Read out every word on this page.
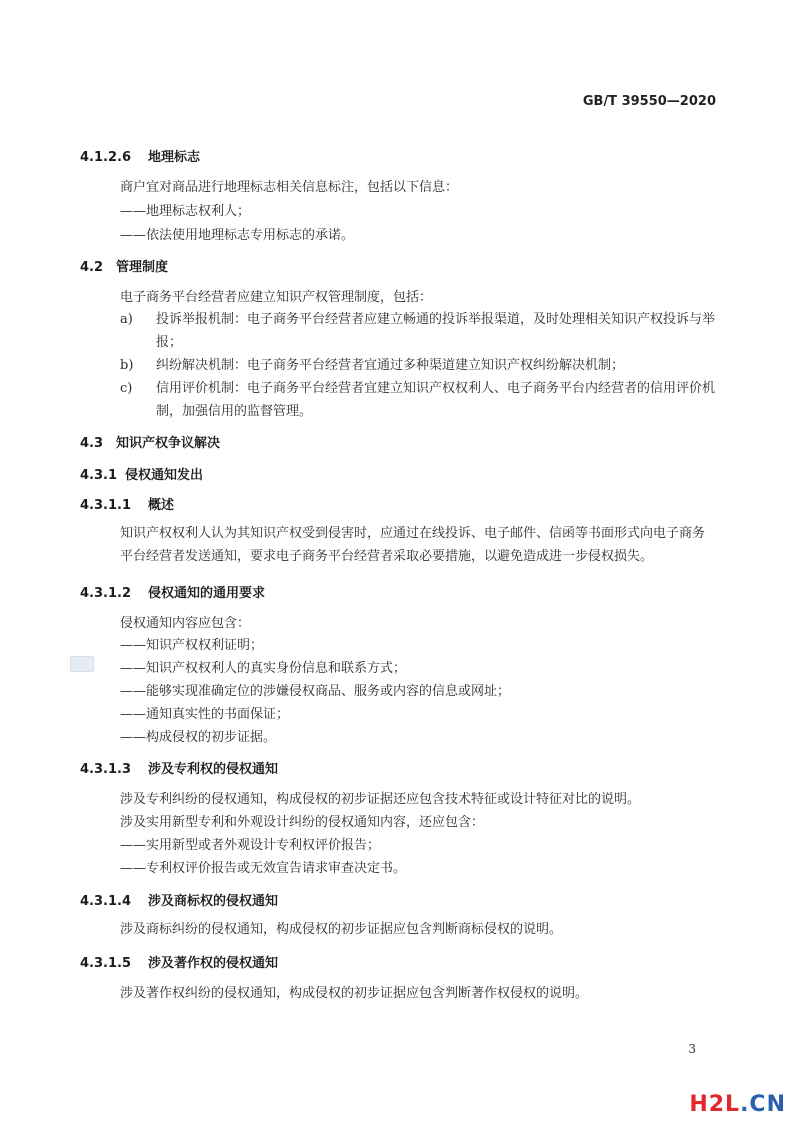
GB/T 39550—2020
4.1.2.6 地理标志
商户宜对商品进行地理标志相关信息标注，包括以下信息：
——地理标志权利人；
——依法使用地理标志专用标志的承诺。
4.2 管理制度
电子商务平台经营者应建立知识产权管理制度，包括：
a)	投诉举报机制：电子商务平台经营者应建立畅通的投诉举报渠道，及时处理相关知识产权投诉与举报；
b)	纠纷解决机制：电子商务平台经营者宜通过多种渠道建立知识产权纠纷解决机制；
c)	信用评价机制：电子商务平台经营者宜建立知识产权权利人、电子商务平台内经营者的信用评价机制，加强信用的监督管理。
4.3 知识产权争议解决
4.3.1 侵权通知发出
4.3.1.1 概述
知识产权权利人认为其知识产权受到侵害时，应通过在线投诉、电子邮件、信函等书面形式向电子商务平台经营者发送通知，要求电子商务平台经营者采取必要措施，以避免造成进一步侵权损失。
4.3.1.2 侵权通知的通用要求
侵权通知内容应包含：
——知识产权权利证明；
——知识产权权利人的真实身份信息和联系方式；
——能够实现准确定位的涉嫌侵权商品、服务或内容的信息或网址；
——通知真实性的书面保证；
——构成侵权的初步证据。
4.3.1.3 涉及专利权的侵权通知
涉及专利纠纷的侵权通知，构成侵权的初步证据还应包含技术特征或设计特征对比的说明。
涉及实用新型专利和外观设计纠纷的侵权通知内容，还应包含：
——实用新型或者外观设计专利权评价报告；
——专利权评价报告或无效宣告请求审查决定书。
4.3.1.4 涉及商标权的侵权通知
涉及商标纠纷的侵权通知，构成侵权的初步证据应包含判断商标侵权的说明。
4.3.1.5 涉及著作权的侵权通知
涉及著作权纠纷的侵权通知，构成侵权的初步证据应包含判断著作权侵权的说明。
3
H2L.CN
